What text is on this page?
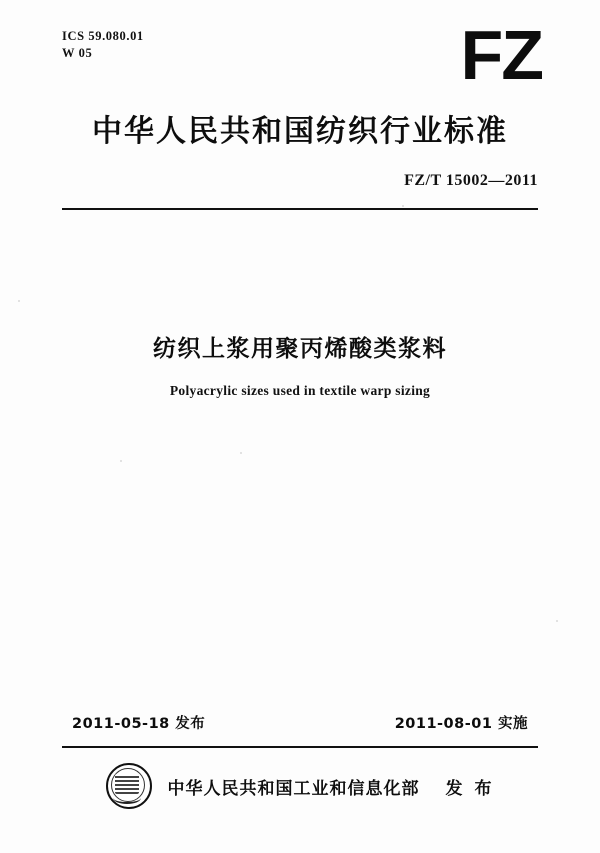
ICS 59.080.01
W 05	FZ
中华人民共和国纺织行业标准
FZ/T 15002—2011
纺织上浆用聚丙烯酸类浆料
Polyacrylic sizes used in textile warp sizing
2011-05-18 发布	2011-08-01 实施
中华人民共和国工业和信息化部 发 布
